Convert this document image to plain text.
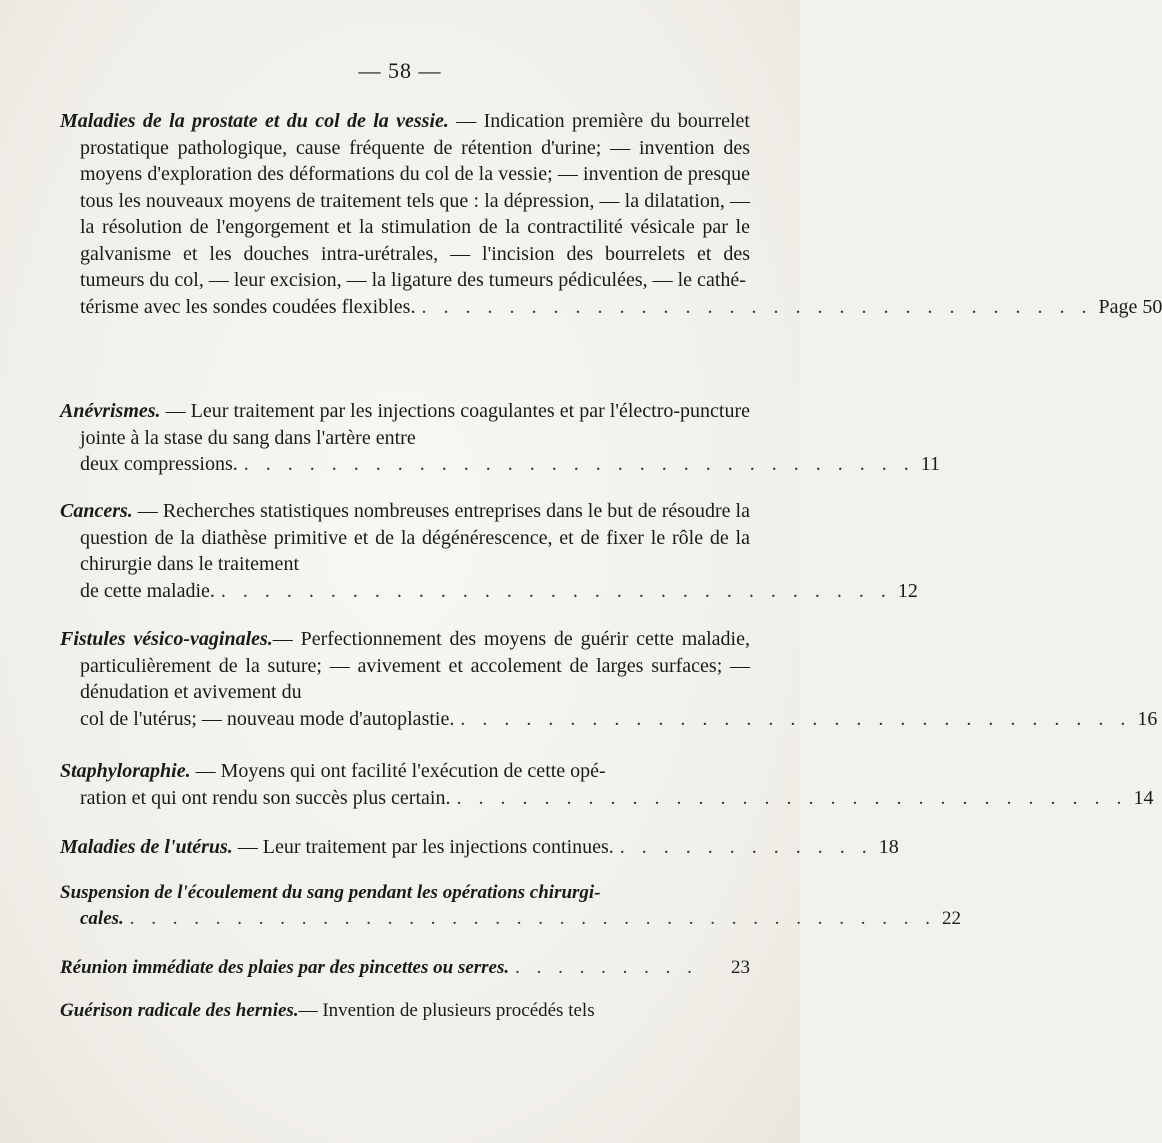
— 58 —

Maladies de la prostate et du col de la vessie. — Indication première du bourrelet prostatique pathologique, cause fréquente de rétention d'urine; — invention des moyens d'exploration des déformations du col de la vessie; — invention de presque tous les nouveaux moyens de traitement tels que : la dépression, — la dilatation, — la résolution de l'engorgement et la stimulation de la contractilité vésicale par le galvanisme et les douches intra-urétrales, — l'incision des bourrelets et des tumeurs du col, — leur excision, — la ligature des tumeurs pédiculées, — le cathé-

térisme avec les sondes coudées flexibles. . . . . . . . . . . . . . . . . . . . . . . . . . . . . . . . Page 50

Anévrismes. — Leur traitement par les injections coagulantes et par l'électro-puncture jointe à la stase du sang dans l'artère entre

deux compressions. . . . . . . . . . . . . . . . . . . . . . . . . . . . . . . . 11

Cancers. — Recherches statistiques nombreuses entreprises dans le but de résoudre la question de la diathèse primitive et de la dégénérescence, et de fixer le rôle de la chirurgie dans le traitement

de cette maladie. . . . . . . . . . . . . . . . . . . . . . . . . . . . . . . . 12

Fistules vésico-vaginales.— Perfectionnement des moyens de guérir cette maladie, particulièrement de la suture; — avivement et accolement de larges surfaces; — dénudation et avivement du

col de l'utérus; — nouveau mode d'autoplastie. . . . . . . . . . . . . . . . . . . . . . . . . . . . . . . . 16

Staphyloraphie. — Moyens qui ont facilité l'exécution de cette opé-

ration et qui ont rendu son succès plus certain. . . . . . . . . . . . . . . . . . . . . . . . . . . . . . . . 14
Maladies de l'utérus. — Leur traitement par les injections continues. . . . . . . . . . . . . 18

Suspension de l'écoulement du sang pendant les opérations chirurgi-

cales. . . . . . . . . . . . . . . . . . . . . . . . . . . . . . . . . . . . . . . 22
Réunion immédiate des plaies par des pincettes ou serres. . . . . . . . . .	23

Guérison radicale des hernies.— Invention de plusieurs procédés tels
